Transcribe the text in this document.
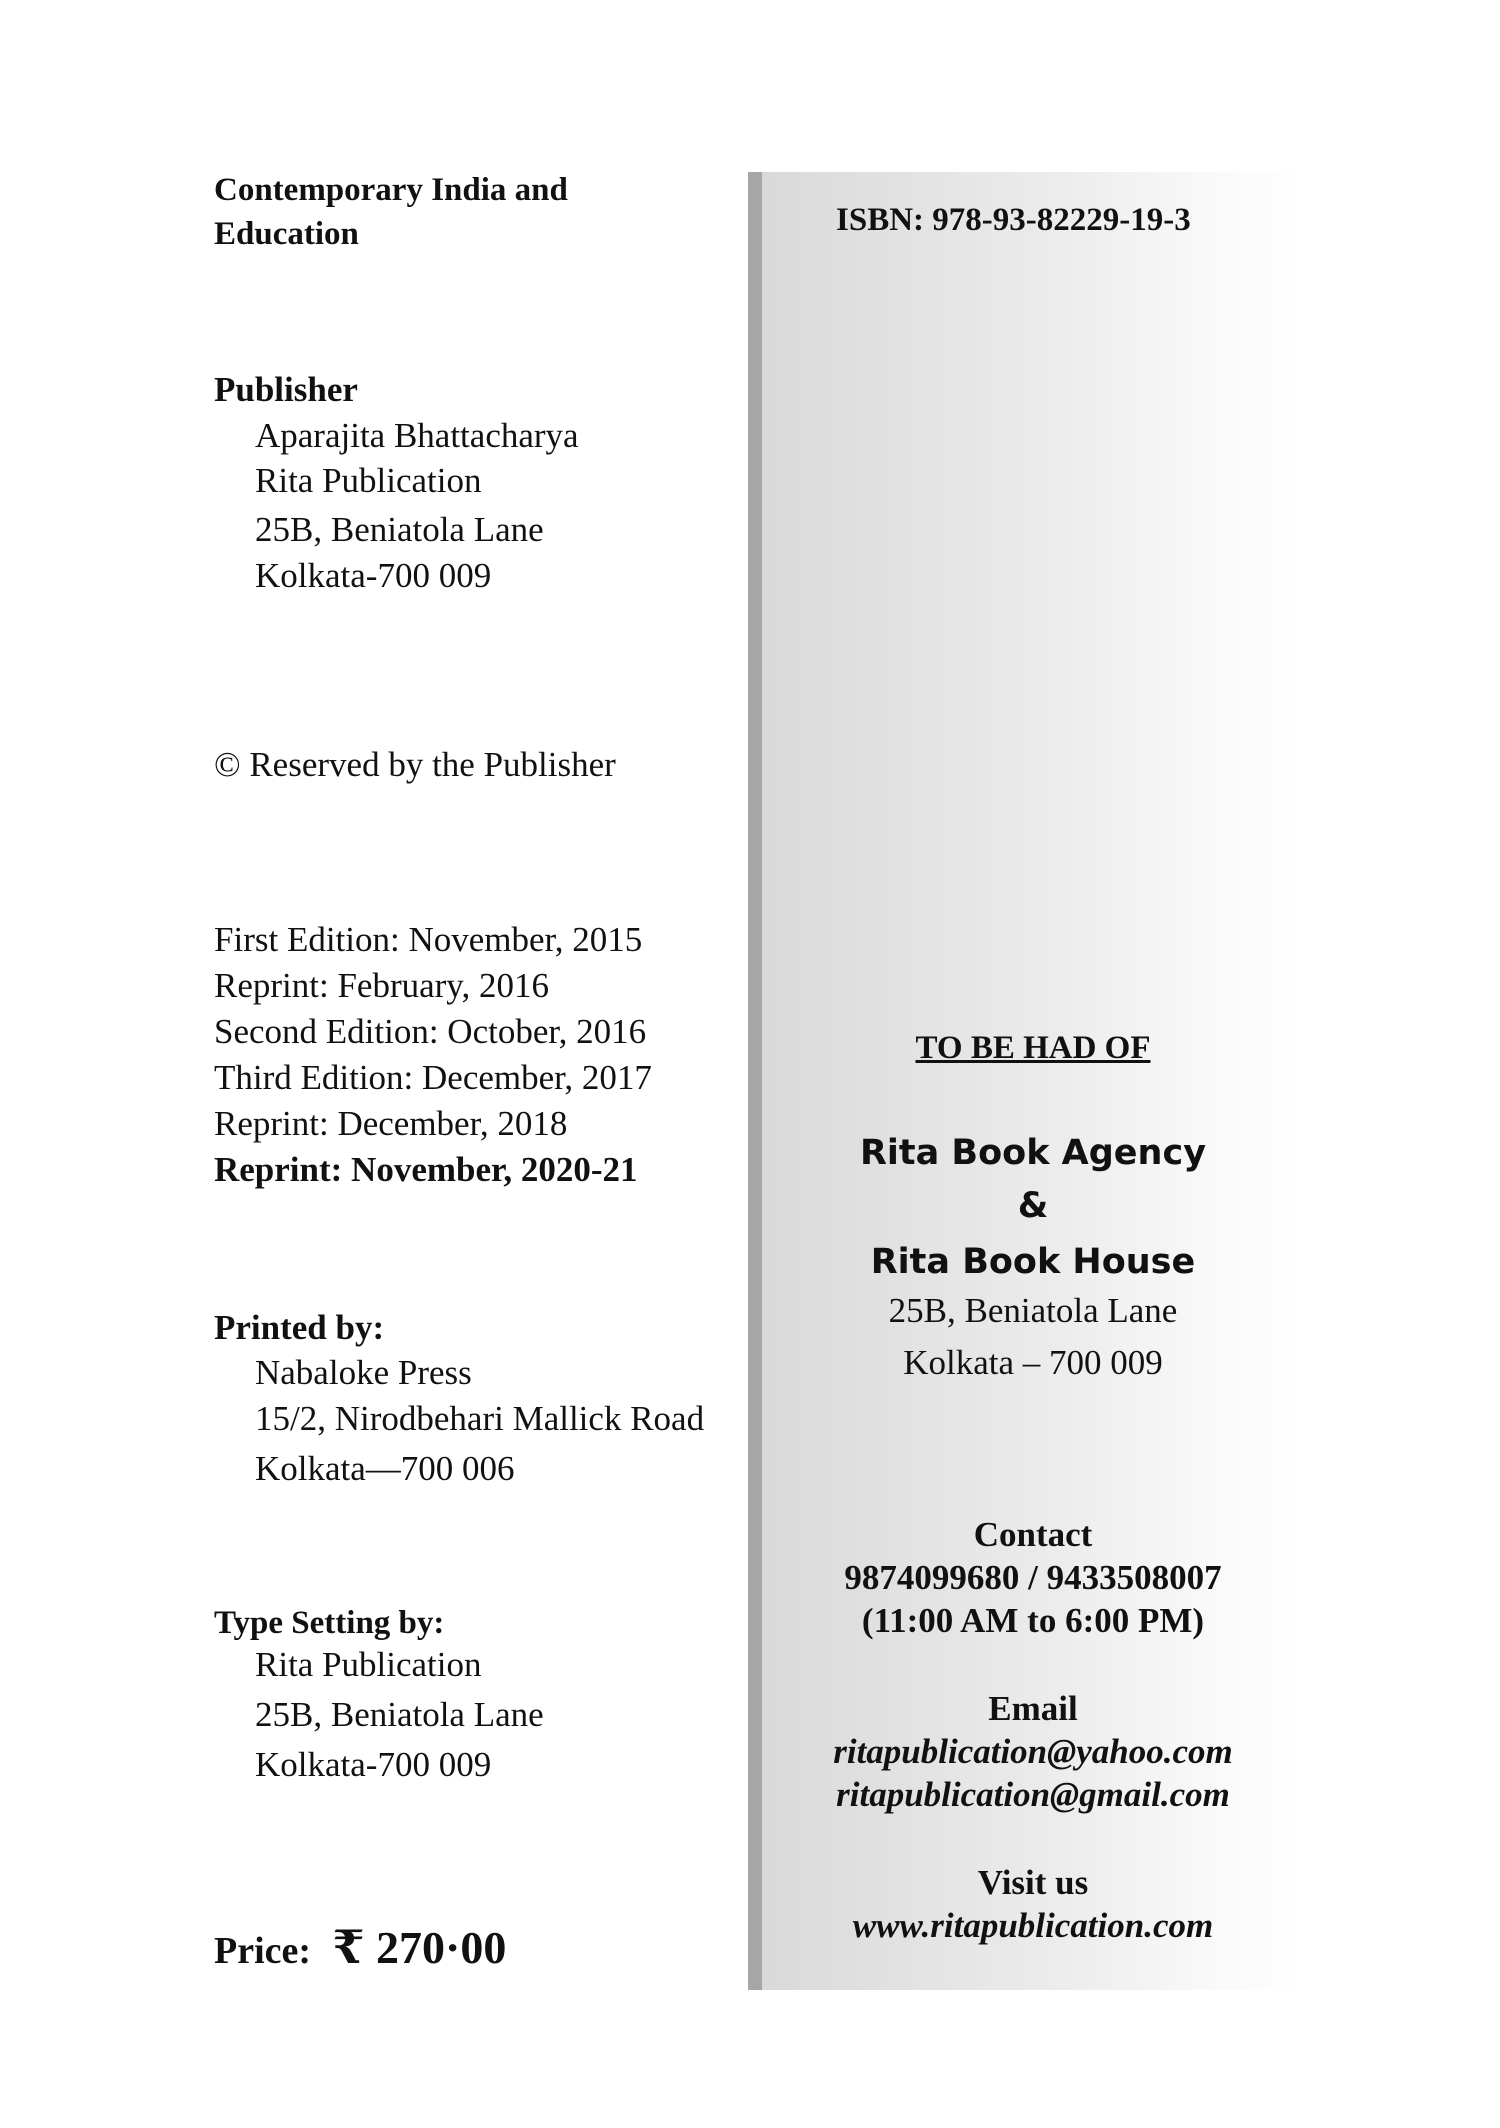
Contemporary India and
Education
Publisher
Aparajita Bhattacharya
Rita Publication
25B, Beniatola Lane
Kolkata-700 009
© Reserved by the Publisher
First Edition: November, 2015
Reprint: February, 2016
Second Edition: October, 2016
Third Edition: December, 2017
Reprint: December, 2018
Reprint: November, 2020-21
Printed by:
Nabaloke Press
15/2, Nirodbehari Mallick Road
Kolkata—700 006
Type Setting by:
Rita Publication
25B, Beniatola Lane
Kolkata-700 009
Price: ₹ 270·00
ISBN: 978-93-82229-19-3
TO BE HAD OF
Rita Book Agency
&
Rita Book House
25B, Beniatola Lane
Kolkata – 700 009
Contact
9874099680 / 9433508007
(11:00 AM to 6:00 PM)
Email
ritapublication@yahoo.com
ritapublication@gmail.com
Visit us
www.ritapublication.com
